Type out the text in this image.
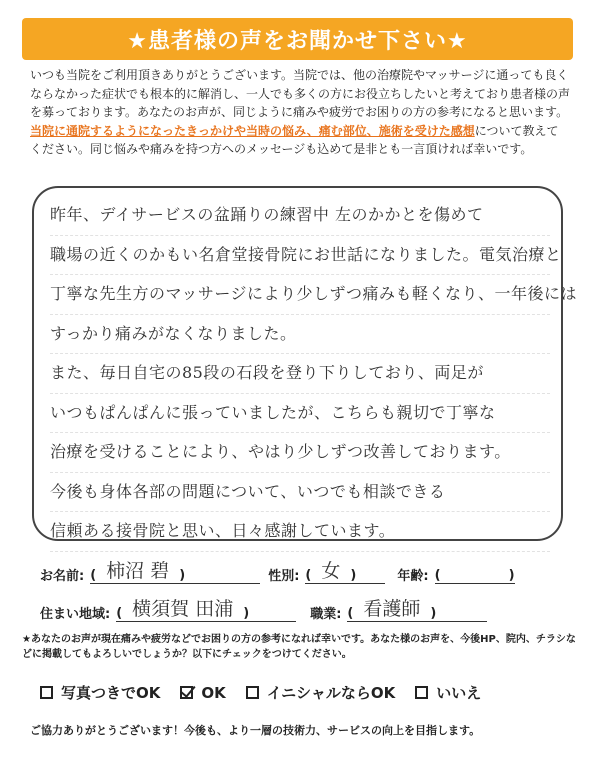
★患者様の声をお聞かせ下さい★
いつも当院をご利用頂きありがとうございます。当院では、他の治療院やマッサージに通っても良くならなかった症状でも根本的に解消し、一人でも多くの方にお役立ちしたいと考えており患者様の声を募っております。あなたのお声が、同じように痛みや疲労でお困りの方の参考になると思います。当院に通院するようになったきっかけや当時の悩み、痛む部位、施術を受けた感想について教えてください。同じ悩みや痛みを持つ方へのメッセージも込めて是非とも一言頂ければ幸いです。
昨年、デイサービスの盆踊りの練習中 左のかかとを傷めて
職場の近くのかもい名倉堂接骨院にお世話になりました。電気治療と
丁寧な先生方のマッサージにより少しずつ痛みも軽くなり、一年後には
すっかり痛みがなくなりました。
また、毎日自宅の85段の石段を登り下りしており、両足が
いつもぱんぱんに張っていましたが、こちらも親切で丁寧な
治療を受けることにより、やはり少しずつ改善しております。
今後も身体各部の問題について、いつでも相談できる
信頼ある接骨院と思い、日々感謝しています。
お名前: ( 柿沼 碧 )	性別: ( 女 )	年齢: (	)
住まい地域: ( 横須賀 田浦 )	職業: ( 看護師 )
★あなたのお声が現在痛みや疲労などでお困りの方の参考になれば幸いです。あなた様のお声を、今後HP、院内、チラシなどに掲載してもよろしいでしょうか？以下にチェックをつけてください。
写真つきでOK	OK	イニシャルならOK	いいえ
ご協力ありがとうございます！今後も、より一層の技術力、サービスの向上を目指します。
